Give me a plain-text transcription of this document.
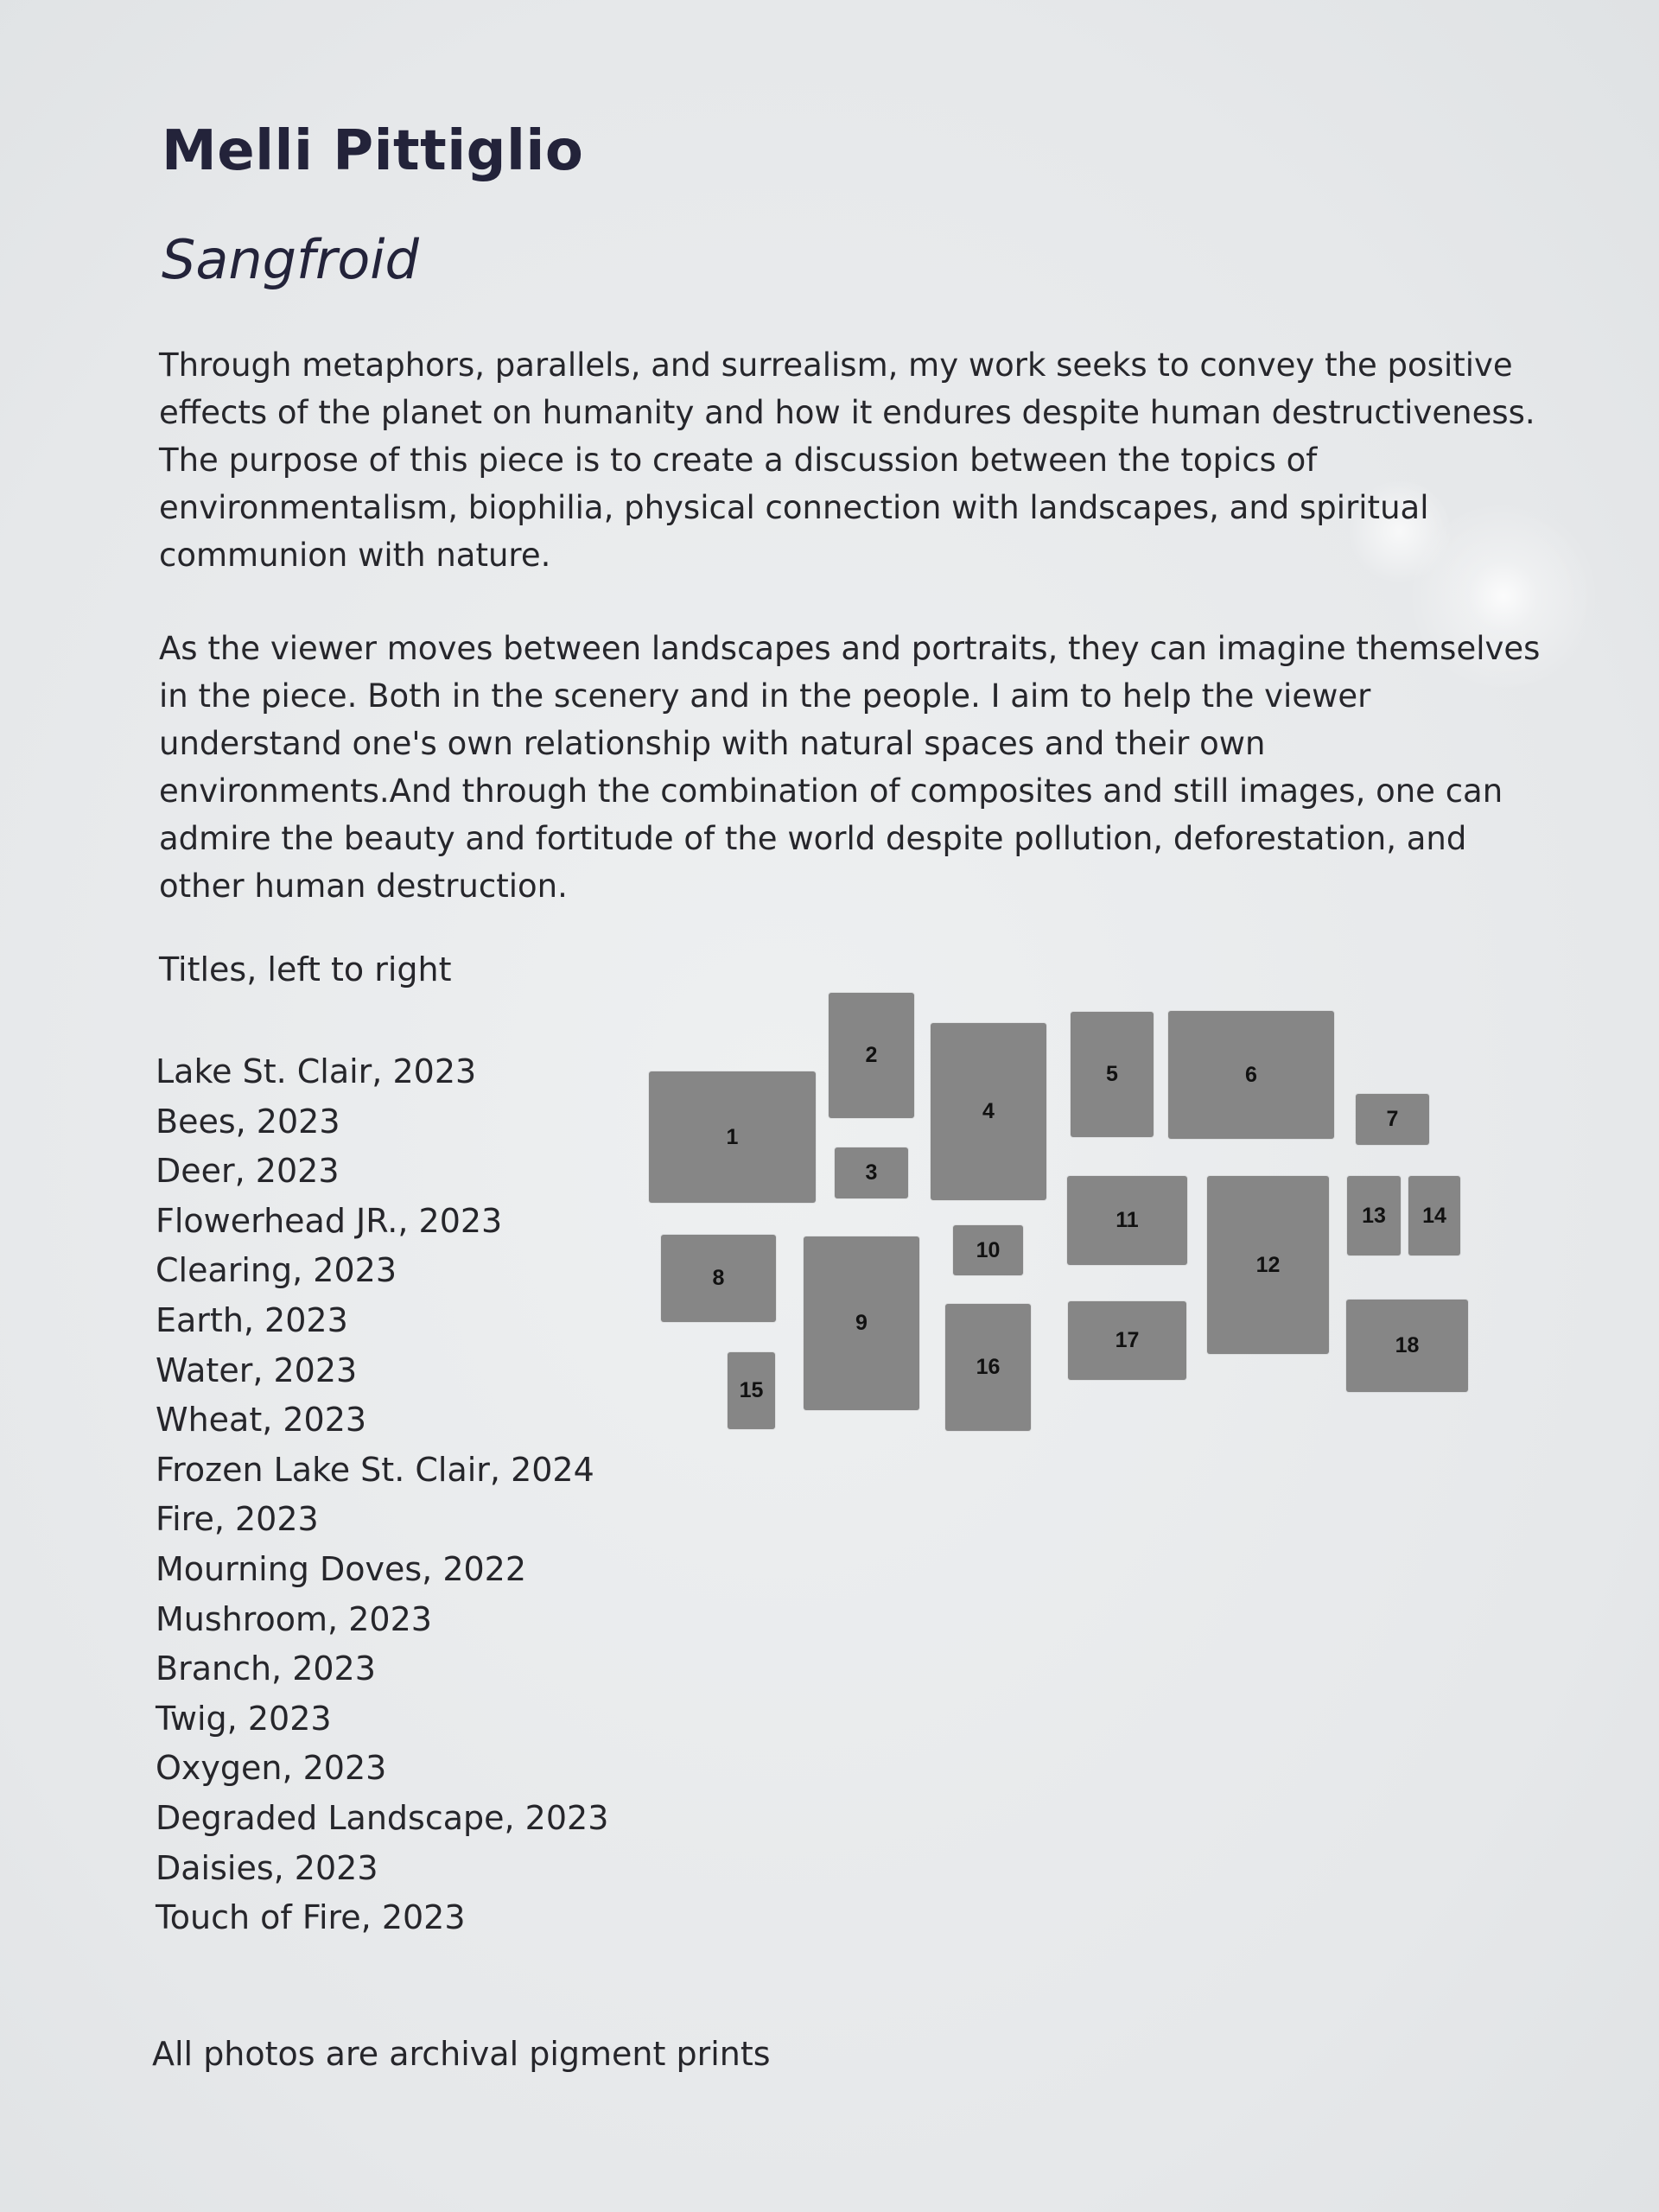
Melli Pittiglio
Sangfroid

Through metaphors, parallels, and surrealism, my work seeks to convey the positive effects of the planet on humanity and how it endures despite human destructiveness. The purpose of this piece is to create a discussion between the topics of environmentalism, biophilia, physical connection with landscapes, and spiritual communion with nature.

As the viewer moves between landscapes and portraits, they can imagine themselves in the piece. Both in the scenery and in the people. I aim to help the viewer understand one's own relationship with natural spaces and their own environments.And through the combination of composites and still images, one can admire the beauty and fortitude of the world despite pollution, deforestation, and other human destruction.

Titles, left to right
Lake St. Clair, 2023
Bees, 2023
Deer, 2023
Flowerhead JR., 2023
Clearing, 2023
Earth, 2023
Water, 2023
Wheat, 2023
Frozen Lake St. Clair, 2024
Fire, 2023
Mourning Doves, 2022
Mushroom, 2023
Branch, 2023
Twig, 2023
Oxygen, 2023
Degraded Landscape, 2023
Daisies, 2023
Touch of Fire, 2023
1
2
3
4
5	6
7
8
9
10
11
12
13 14
15
16
17	18

All photos are archival pigment prints
